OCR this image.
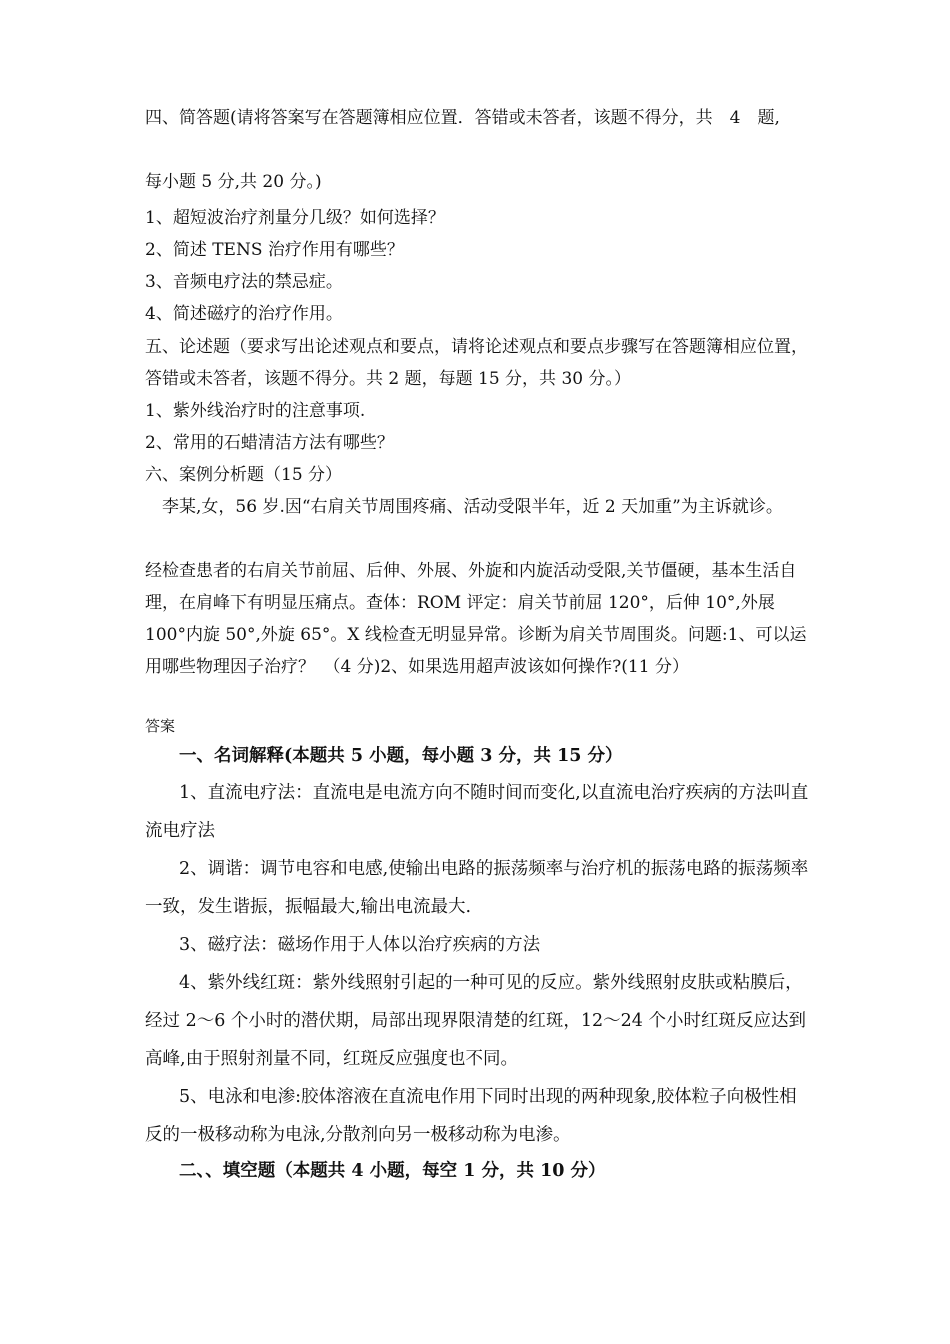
四、简答题(请将答案写在答题簿相应位置．答错或未答者，该题不得分，共　4　题,

每小题 5 分,共 20 分。)

1、超短波治疗剂量分几级？如何选择？

2、简述 TENS 治疗作用有哪些？

3、音频电疗法的禁忌症。

4、简述磁疗的治疗作用。

五、论述题（要求写出论述观点和要点，请将论述观点和要点步骤写在答题簿相应位置，答错或未答者，该题不得分。共 2 题，每题 15 分，共 30 分。）

1、紫外线治疗时的注意事项.

2、常用的石蜡清洁方法有哪些？

六、案例分析题（15 分）

　李某,女，56 岁.因“右肩关节周围疼痛、活动受限半年，近 2 天加重”为主诉就诊。

经检查患者的右肩关节前屈、后伸、外展、外旋和内旋活动受限,关节僵硬，基本生活自理，在肩峰下有明显压痛点。查体：ROM 评定：肩关节前屈 120°，后伸 10°,外展 100°内旋 50°,外旋 65°。X 线检查无明显异常。诊断为肩关节周围炎。问题:1、可以运用哪些物理因子治疗？　（4 分)2、如果选用超声波该如何操作?(11 分）

答案

一、名词解释(本题共 5 小题，每小题 3 分，共 15 分）

1、直流电疗法：直流电是电流方向不随时间而变化,以直流电治疗疾病的方法叫直流电疗法

2、调谐：调节电容和电感,使输出电路的振荡频率与治疗机的振荡电路的振荡频率一致，发生谐振，振幅最大,输出电流最大.

3、磁疗法：磁场作用于人体以治疗疾病的方法

4、紫外线红斑：紫外线照射引起的一种可见的反应。紫外线照射皮肤或粘膜后，经过 2～6 个小时的潜伏期，局部出现界限清楚的红斑，12～24 个小时红斑反应达到高峰,由于照射剂量不同，红斑反应强度也不同。

5、电泳和电渗:胶体溶液在直流电作用下同时出现的两种现象,胶体粒子向极性相反的一极移动称为电泳,分散剂向另一极移动称为电渗。

二、、填空题（本题共 4 小题，每空 1 分，共 10 分）
